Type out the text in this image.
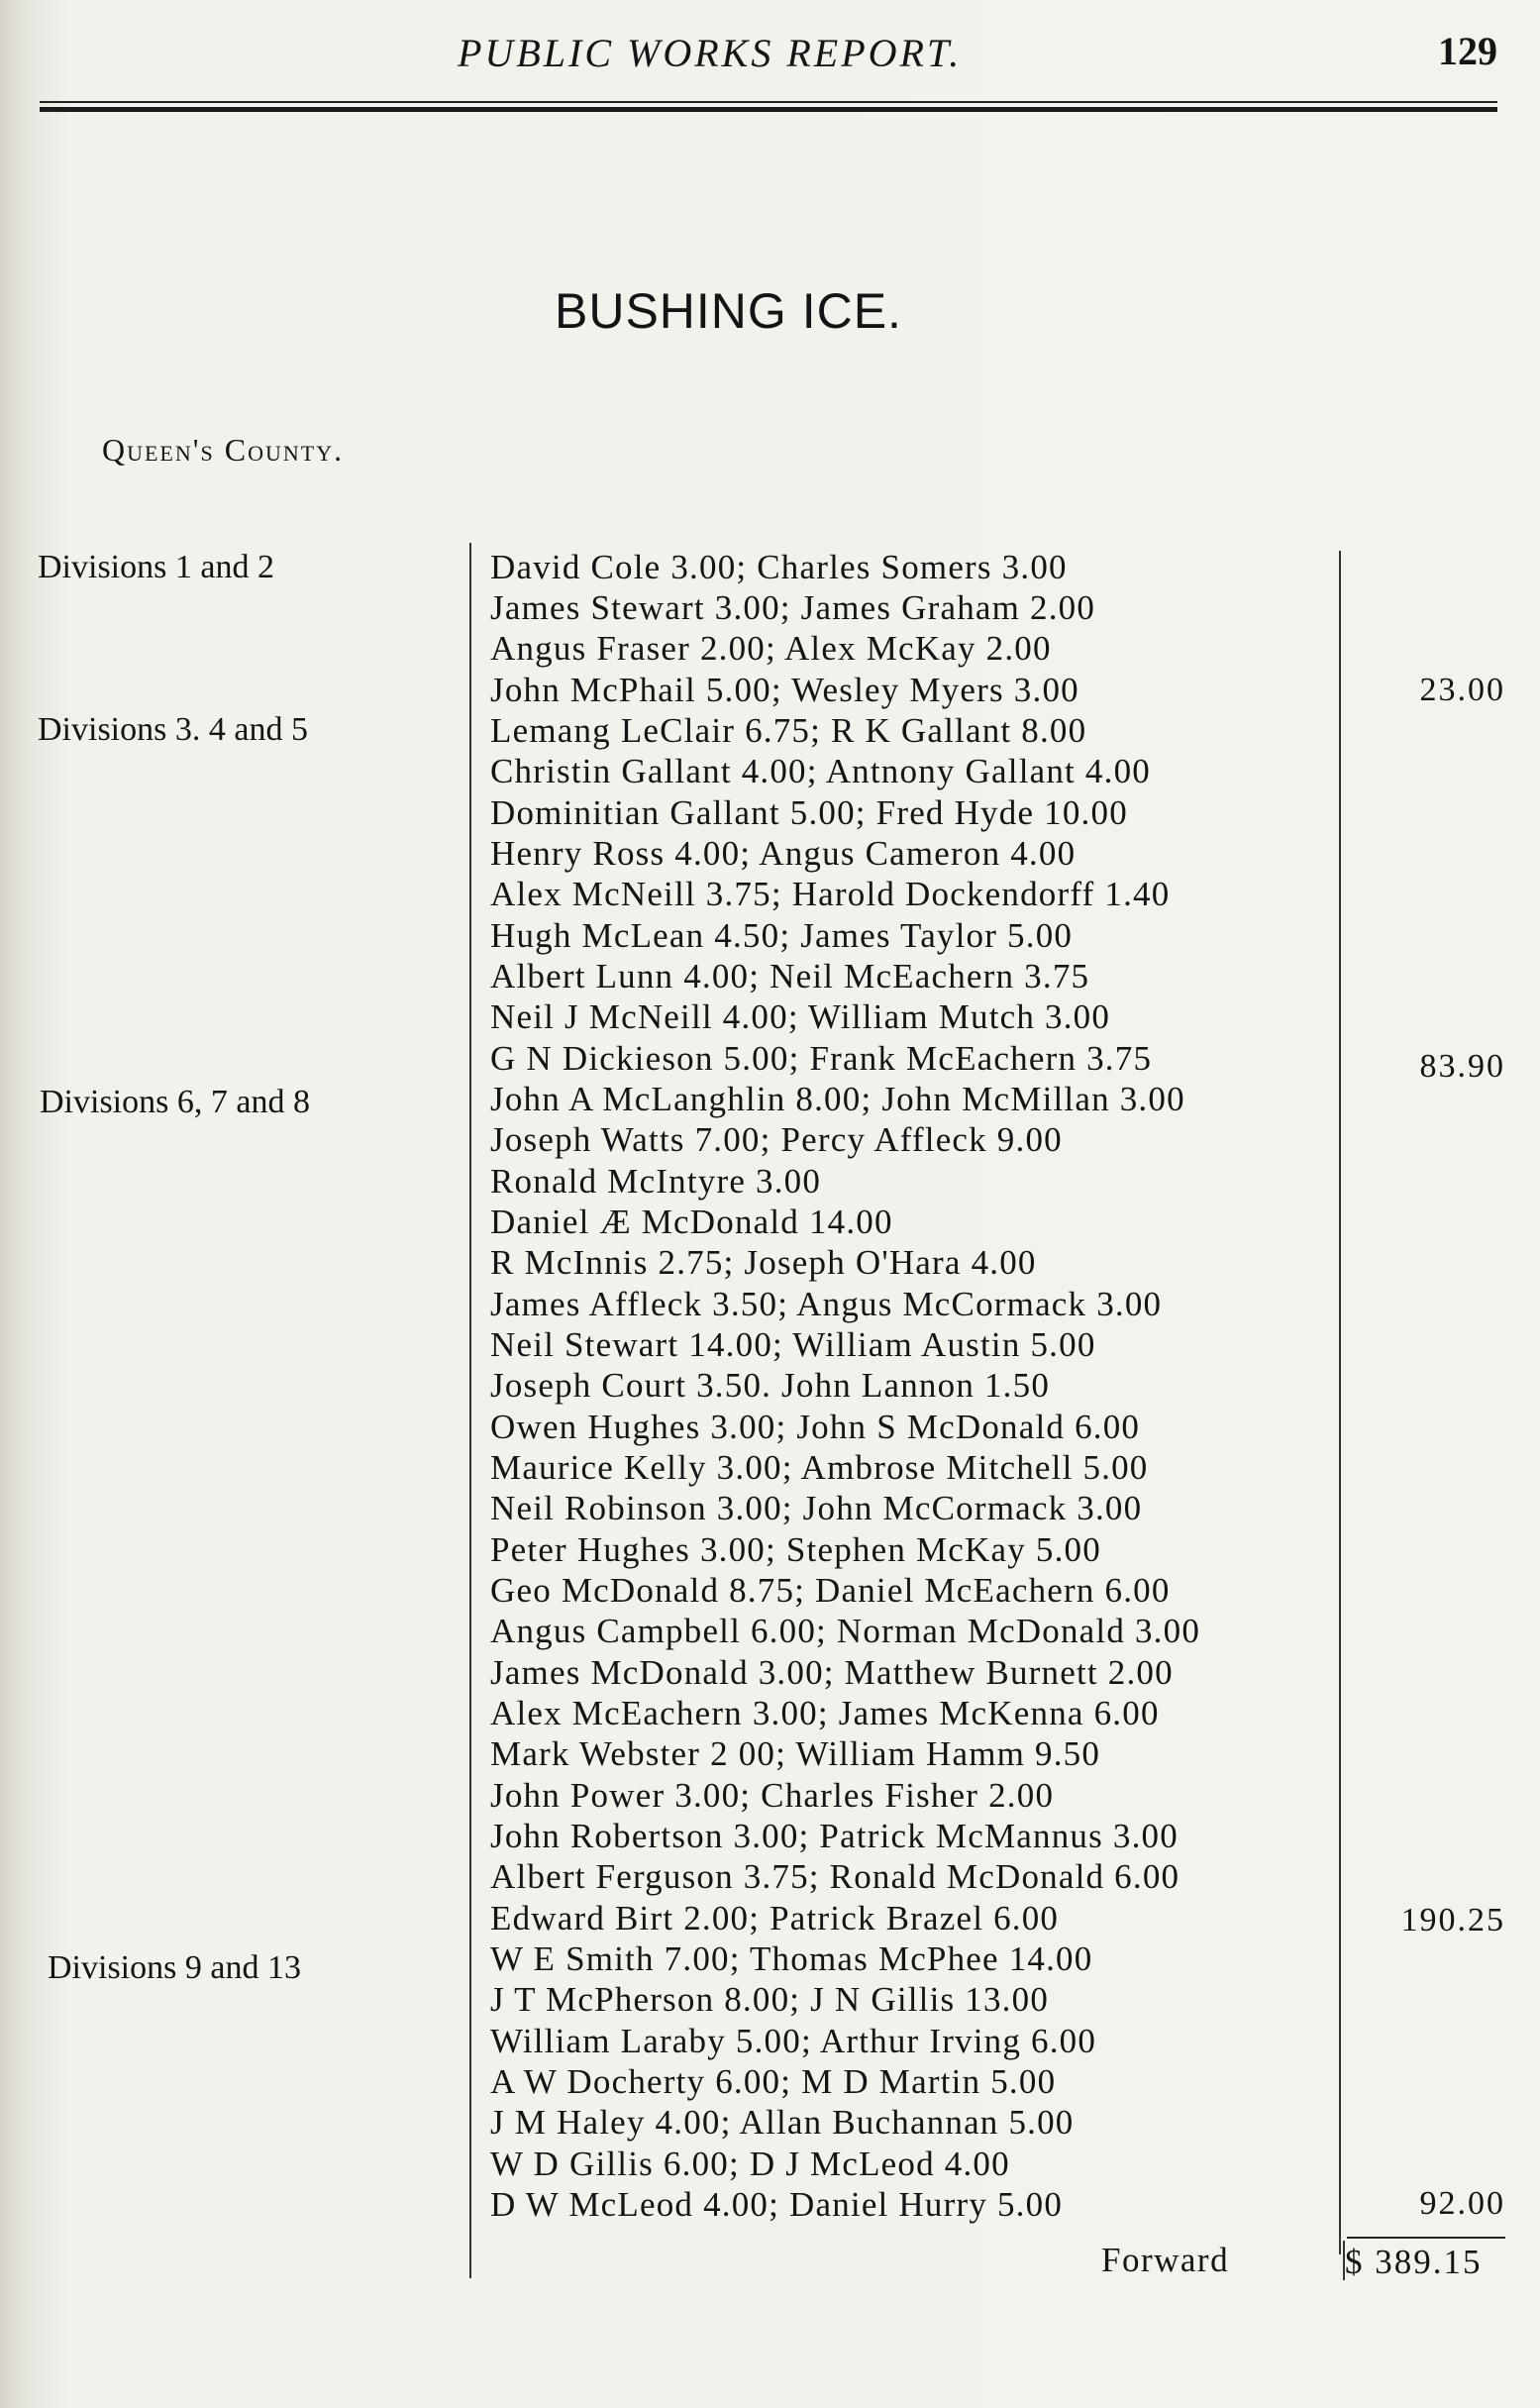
PUBLIC WORKS REPORT.	129
BUSHING ICE.
Queen's County.
Divisions 1 and 2
Divisions 3. 4 and 5
Divisions 6, 7 and 8
Divisions 9 and 13
David Cole 3.00; Charles Somers 3.00
James Stewart 3.00; James Graham 2.00
Angus Fraser 2.00; Alex McKay 2.00
John McPhail 5.00; Wesley Myers 3.00
Lemang LeClair 6.75; R K Gallant 8.00
Christin Gallant 4.00; Antnony Gallant 4.00
Dominitian Gallant 5.00; Fred Hyde 10.00
Henry Ross 4.00; Angus Cameron 4.00
Alex McNeill 3.75; Harold Dockendorff 1.40
Hugh McLean 4.50; James Taylor 5.00
Albert Lunn 4.00; Neil McEachern 3.75
Neil J McNeill 4.00; William Mutch 3.00
G N Dickieson 5.00; Frank McEachern 3.75
John A McLanghlin 8.00; John McMillan 3.00
Joseph Watts 7.00; Percy Affleck 9.00
Ronald McIntyre 3.00
Daniel Æ McDonald 14.00
R McInnis 2.75; Joseph O'Hara 4.00
James Affleck 3.50; Angus McCormack 3.00
Neil Stewart 14.00; William Austin 5.00
Joseph Court 3.50. John Lannon 1.50
Owen Hughes 3.00; John S McDonald 6.00
Maurice Kelly 3.00; Ambrose Mitchell 5.00
Neil Robinson 3.00; John McCormack 3.00
Peter Hughes 3.00; Stephen McKay 5.00
Geo McDonald 8.75; Daniel McEachern 6.00
Angus Campbell 6.00; Norman McDonald 3.00
James McDonald 3.00; Matthew Burnett 2.00
Alex McEachern 3.00; James McKenna 6.00
Mark Webster 2 00; William Hamm 9.50
John Power 3.00; Charles Fisher 2.00
John Robertson 3.00; Patrick McMannus 3.00
Albert Ferguson 3.75; Ronald McDonald 6.00
Edward Birt 2.00; Patrick Brazel 6.00
W E Smith 7.00; Thomas McPhee 14.00
J T McPherson 8.00; J N Gillis 13.00
William Laraby 5.00; Arthur Irving 6.00
A W Docherty 6.00; M D Martin 5.00
J M Haley 4.00; Allan Buchannan 5.00
W D Gillis 6.00; D J McLeod 4.00
D W McLeod 4.00; Daniel Hurry 5.00
23.00
83.90
190.25
92.00
Forward	$ 389.15
